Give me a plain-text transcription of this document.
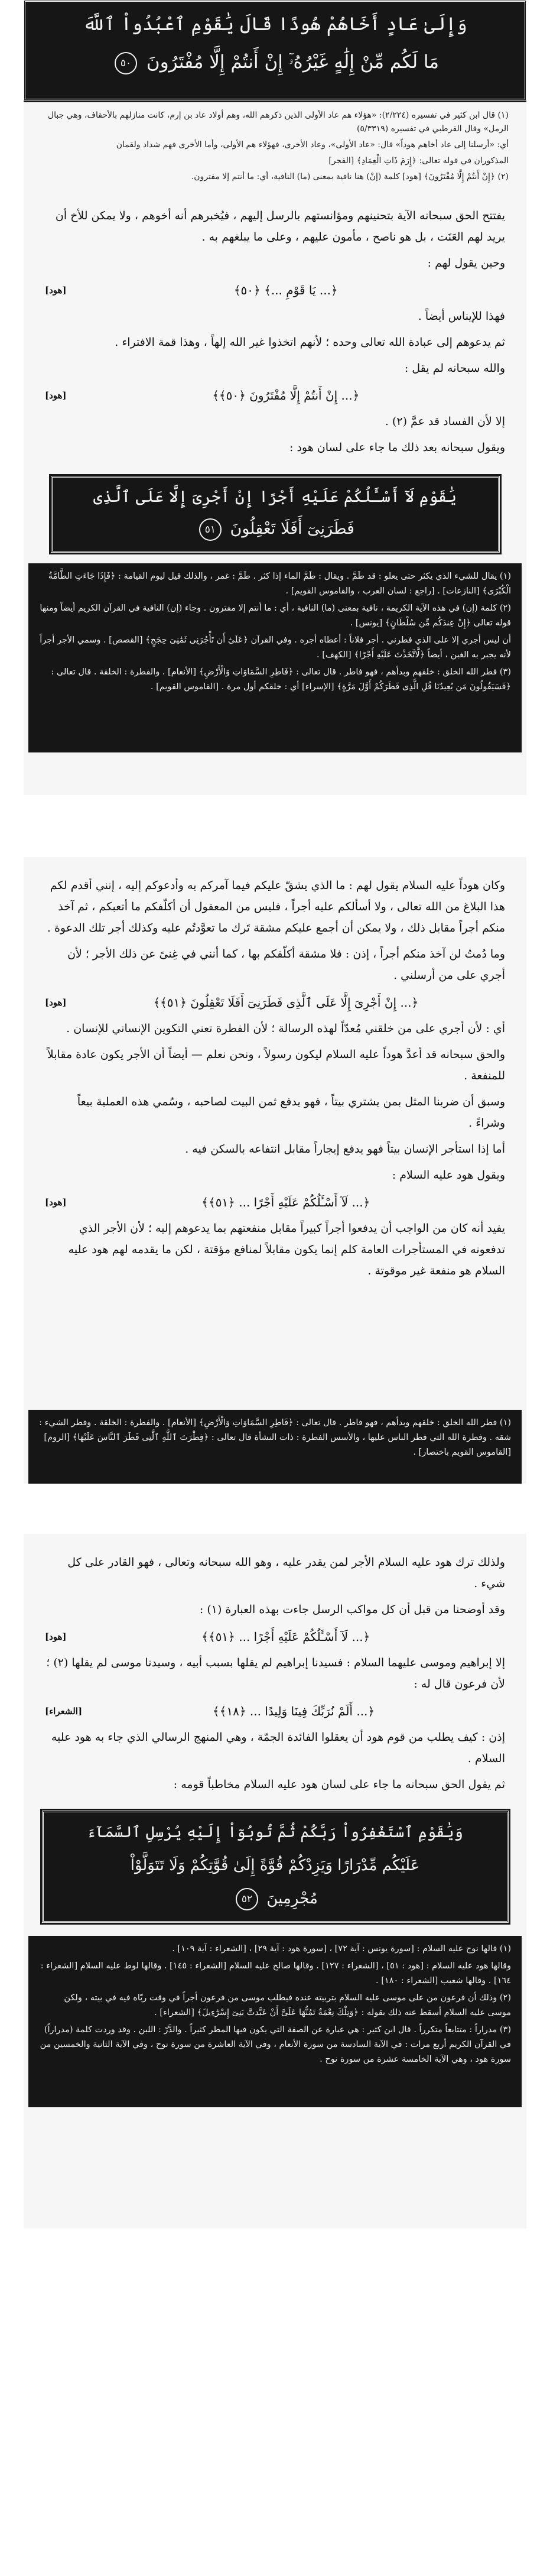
وَإِلَىٰ عَادٍ أَخَاهُمْ هُودًا قَالَ يَٰقَوْمِ ٱعْبُدُواْ ٱللَّهَ
مَا لَكُم مِّنْ إِلَٰهٍ غَيْرُهُۥٓ إِنْ أَنتُمْ إِلَّا مُفْتَرُونَ ٥٠

(١) قال ابن كثير في تفسيره (٢/٢٢٤): «هؤلاء هم عاد الأولى الذين ذكرهم الله، وهم أولاد عاد بن إرم، كانت منازلهم بالأحقاف، وهي جبال الرمل» وقال القرطبي في تفسيره (٥/٣٣١٩)

أي: «أرسلنا إلى عاد أخاهم هوداً» قال: «عاد الأولى»، وعاد الأخرى، فهؤلاء هم الأولى، وأما الأخرى فهم شداد ولقمان

المذكوران في قوله تعالى: ﴿إِرَمَ ذَاتِ الْعِمَادِ﴾ [الفجر]

(٢) ﴿إِنْ أَنتُمْ إِلَّا مُفْتَرُونَ﴾ [هود] كلمة (إنْ) هنا نافية بمعنى (ما) النافية، أي: ما أنتم إلا مفترون.

يفتتح الحق سبحانه الآية بتحنينهم ومؤانستهم بالرسل إليهم ، فيُخبرهم أنه أخوهم ، ولا يمكن للأخ أن يريد لهم العَنَت ، بل هو ناصح ، مأمون عليهم ، وعلى ما يبلغهم به .

وحين يقول لهم :

﴿... يَا قَوْمِ ...﴾ ﴿٥٠﴾
[هود]

فهذا للإيناس أيضاً .

ثم يدعوهم إلى عبادة الله تعالى وحده ؛ لأنهم اتخذوا غير الله إلهاً ، وهذا قمة الافتراء .

والله سبحانه لم يقل :

﴿... إِنْ أَنتُمْ إِلَّا مُفْتَرُونَ ﴿٥٠﴾﴾
[هود]

إلا لأن الفساد قد عمَّ (٢) .

ويقول سبحانه بعد ذلك ما جاء على لسان هود :

يَٰقَوْمِ لَآ أَسْـَٔلُكُمْ عَلَيْهِ أَجْرًا إِنْ أَجْرِىَ إِلَّا عَلَى ٱلَّذِى
فَطَرَنِىٓ أَفَلَا تَعْقِلُونَ ٥١

(١) يقال للشيء الذي يكثر حتى يعلو : قد طَمَّ . ويقال : طَمَّ الماء إذا كثر . طَمَّ : غمر ، والذلك قيل ليوم القيامة : ﴿فَإِذَا جَاءَتِ الطَّامَّةُ الْكُبْرَى﴾ [النازعات] . [راجع : لسان العرب ، والقاموس القويم] .

(٢) كلمة (إن) في هذه الآية الكريمة ، نافية بمعنى (ما) النافية ، أي : ما أنتم إلا مفترون . وجاء (إن) النافية في القرآن الكريم أيضاً ومنها قوله تعالى ﴿إِنْ عِندَكُم مِّن سُلْطَانٍ﴾ [يونس] .

أن ليس أجري إلا على الذي فطرني . أجر فلاناً : أعطاه أجره . وفي القرآن ﴿عَلَىٰٓ أَن تَأْجُرَنِى ثَمَٰنِىَ حِجَجٍ﴾ [القصص] . وسمي الأجر أجراً لأنه يجبر به الغبن ، أيضاً ﴿لَّاتَّخَذْتَ عَلَيْهِ أَجْرًا﴾ [الكهف] .

(٣) فطر الله الخلق : خلقهم وبدأهم ، فهو فاطر . قال تعالى : ﴿فَاطِرِ السَّمَاوَاتِ وَالْأَرْضِ﴾ [الأنعام] . والفطرة : الخلقة . قال تعالى : ﴿فَسَيَقُولُونَ مَن يُعِيدُنَا قُلِ الَّذِى فَطَرَكُمْ أَوَّلَ مَرَّةٍ﴾ [الإسراء] أي : خلقكم أول مرة . [القاموس القويم] .

وكان هوداً عليه السلام يقول لهم : ما الذي يشقّ عليكم فيما آمركم به وأدعوكم إليه ، إنني أقدم لكم هذا البلاغ من الله تعالى ، ولا أسألكم عليه أجراً ، فليس من المعقول أن أكلّفكم ما أتعبكم ، ثم آخذ منكم أجراً مقابل ذلك ، ولا يمكن أن أجمع عليكم مشقة تَرك ما تعوَّدتُم عليه وكذلك أجر تلك الدعوة .

وما دُمتُ لن آخذ منكم أجراً ، إذن : فلا مشقة أكلّفكم بها ، كما أنني في غِنىً عن ذلك الأجر ؛ لأن أجري على من أرسلني .

﴿... إِنْ أَجْرِىَ إِلَّا عَلَى ٱلَّذِى فَطَرَنِىٓ أَفَلَا تَعْقِلُونَ ﴿٥١﴾﴾
[هود]

أي : لأن أجري على من خلقني مُعدّاً لهذه الرسالة ؛ لأن الفطرة تعني التكوين الإنساني للإنسان .

والحق سبحانه قد أعدَّ هوداً عليه السلام ليكون رسولاً ، ونحن نعلم — أيضاً أن الأجر يكون عادة مقابلاً للمنفعة .

وسبق أن ضربنا المثل بمن يشتري بيتاً ، فهو يدفع ثمن البيت لصاحبه ، وسُمي هذه العملية بيعاً وشراءً .

أما إذا استأجر الإنسان بيتاً فهو يدفع إيجاراً مقابل انتفاعه بالسكن فيه .

ويقول هود عليه السلام :

﴿... لَآ أَسْـَٔلُكُمْ عَلَيْهِ أَجْرًا ... ﴿٥١﴾﴾
[هود]

يفيد أنه كان من الواجب أن يدفعوا أجراً كبيراً مقابل منفعتهم بما يدعوهم إليه ؛ لأن الأجر الذي تدفعونه في المستأجرات العامة كلم إنما يكون مقابلاً لمنافع مؤقتة ، لكن ما يقدمه لهم هود عليه السلام هو منفعة غير موقوتة .

(١) فطر الله الخلق : خلقهم وبدأهم ، فهو فاطر . قال تعالى : ﴿فَاطِرِ السَّمَاوَاتِ وَالْأَرْضِ﴾ [الأنعام] . والفطرة : الخلقة . وفطر الشيء : شقه . وفطرة الله التي فطر الناس عليها ، والأسس الفطرة : ذات النشأة قال تعالى : ﴿فِطْرَتَ ٱللَّهِ ٱلَّتِى فَطَرَ ٱلنَّاسَ عَلَيْهَا﴾ [الروم] [القاموس القويم باختصار] .

ولذلك ترك هود عليه السلام الأجر لمن يقدر عليه ، وهو الله سبحانه وتعالى ، فهو القادر على كل شيء .

وقد أوضحنا من قبل أن كل مواكب الرسل جاءت بهذه العبارة (١) :

﴿... لَآ أَسْـَٔلُكُمْ عَلَيْهِ أَجْرًا ... ﴿٥١﴾﴾
[هود]

إلا إبراهيم وموسى عليهما السلام : فسيدنا إبراهيم لم يقلها بسبب أبيه ، وسيدنا موسى لم يقلها (٢) ؛ لأن فرعون قال له :

﴿... أَلَمْ نُرَبِّكَ فِينَا وَلِيدًا ... ﴿١٨﴾﴾
[الشعراء]

إذن : كيف يطلب من قوم هود أن يعقلوا الفائدة الجمّة ، وهي المنهج الرسالي الذي جاء به هود عليه السلام .

ثم يقول الحق سبحانه ما جاء على لسان هود عليه السلام مخاطباً قومه :

وَيَٰقَوْمِ ٱسْتَغْفِرُواْ رَبَّكُمْ ثُمَّ تُوبُوٓاْ إِلَيْهِ يُرْسِلِ ٱلسَّمَآءَ
عَلَيْكُم مِّدْرَارًا وَيَزِدْكُمْ قُوَّةً إِلَىٰ قُوَّتِكُمْ وَلَا تَتَوَلَّوْاْ
مُجْرِمِينَ ٥٢

(١) قالها نوح عليه السلام : [سورة يونس : آية ٧٢] ، [سورة هود : آية ٢٩] ، [الشعراء : آية ١٠٩] .

وقالها هود عليه السلام : [هود : ٥١] ، [الشعراء : ١٢٧] . وقالها صالح عليه السلام [الشعراء : ١٤٥] . وقالها لوط عليه السلام [الشعراء : ١٦٤] . وقالها شعيب [الشعراء : ١٨٠] .

(٢) وذلك أن فرعون من على موسى عليه السلام بتربيته عنده فيطلب موسى من فرعون أجراً في وقت ربّاه فيه في بيته ، ولكن موسى عليه السلام أسقط عنه ذلك بقوله : ﴿وَتِلْكَ نِعْمَةٌ تَمُنُّهَا عَلَىَّ أَنْ عَبَّدتَّ بَنِىٓ إِسْرَٰٓءِيلَ﴾ [الشعراء] .

(٣) مدراراً : متتابعاً متكرراً . قال ابن كثير : هي عبارة عن الصفة التي يكون فيها المطر كثيراً . والدَّرّ : اللبن . وقد وردت كلمة (مدراراً) في القرآن الكريم أربع مرات : في الآية السادسة من سورة الأنعام ، وفي الآية العاشرة من سورة نوح ، وفي الآية الثانية والخمسين من سورة هود ، وهي الآية الخامسة عشرة من سورة نوح .
